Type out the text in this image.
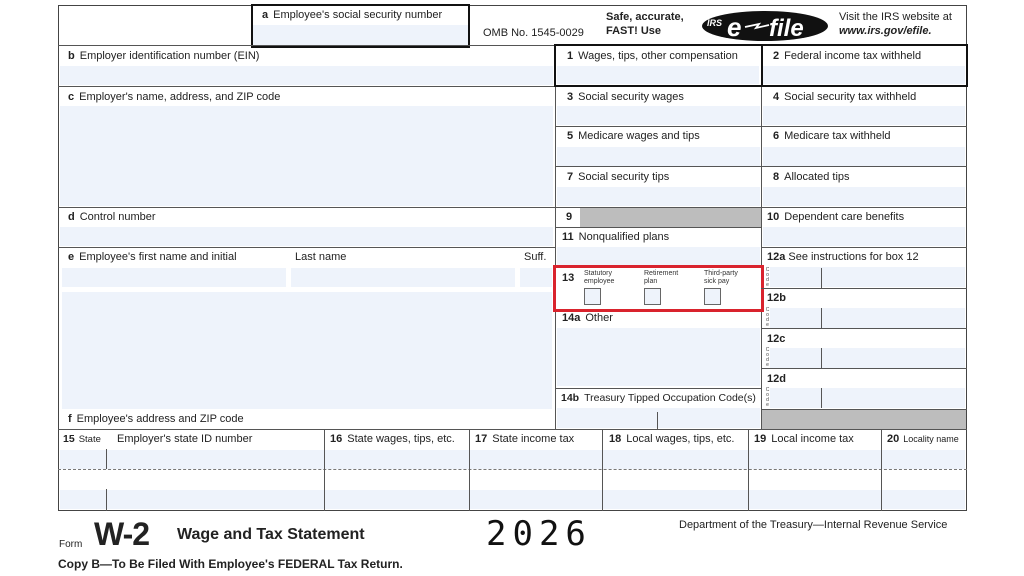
a Employee's social security number
OMB No. 1545-0029
Safe, accurate,
FAST! Use
IRS e file	Visit the IRS website at
www.irs.gov/efile.
b Employer identification number (EIN)
c Employer's name, address, and ZIP code
d Control number
e Employee's first name and initial	Last name	Suff.
f Employee's address and ZIP code
1 Wages, tips, other compensation	2 Federal income tax withheld
3 Social security wages	4 Social security tax withheld
5 Medicare wages and tips	6 Medicare tax withheld
7 Social security tips	8 Allocated tips
9	10 Dependent care benefits
11 Nonqualified plans
13 Statutory
employee
Retirement
plan
Third-party
sick pay
14a Other
14b Treasury Tipped Occupation Code(s)
12a See instructions for box 12
C
o
d
e
12b
C
o
d
e
12c
C
o
d
e
12d
C
o
d
e
15 State Employer's state ID number	16 State wages, tips, etc. 17 State income tax	18 Local wages, tips, etc. 19 Local income tax	20 Locality name
Form W-2 Wage and Tax Statement	2026	Department of the Treasury—Internal Revenue Service
Copy B—To Be Filed With Employee's FEDERAL Tax Return.
